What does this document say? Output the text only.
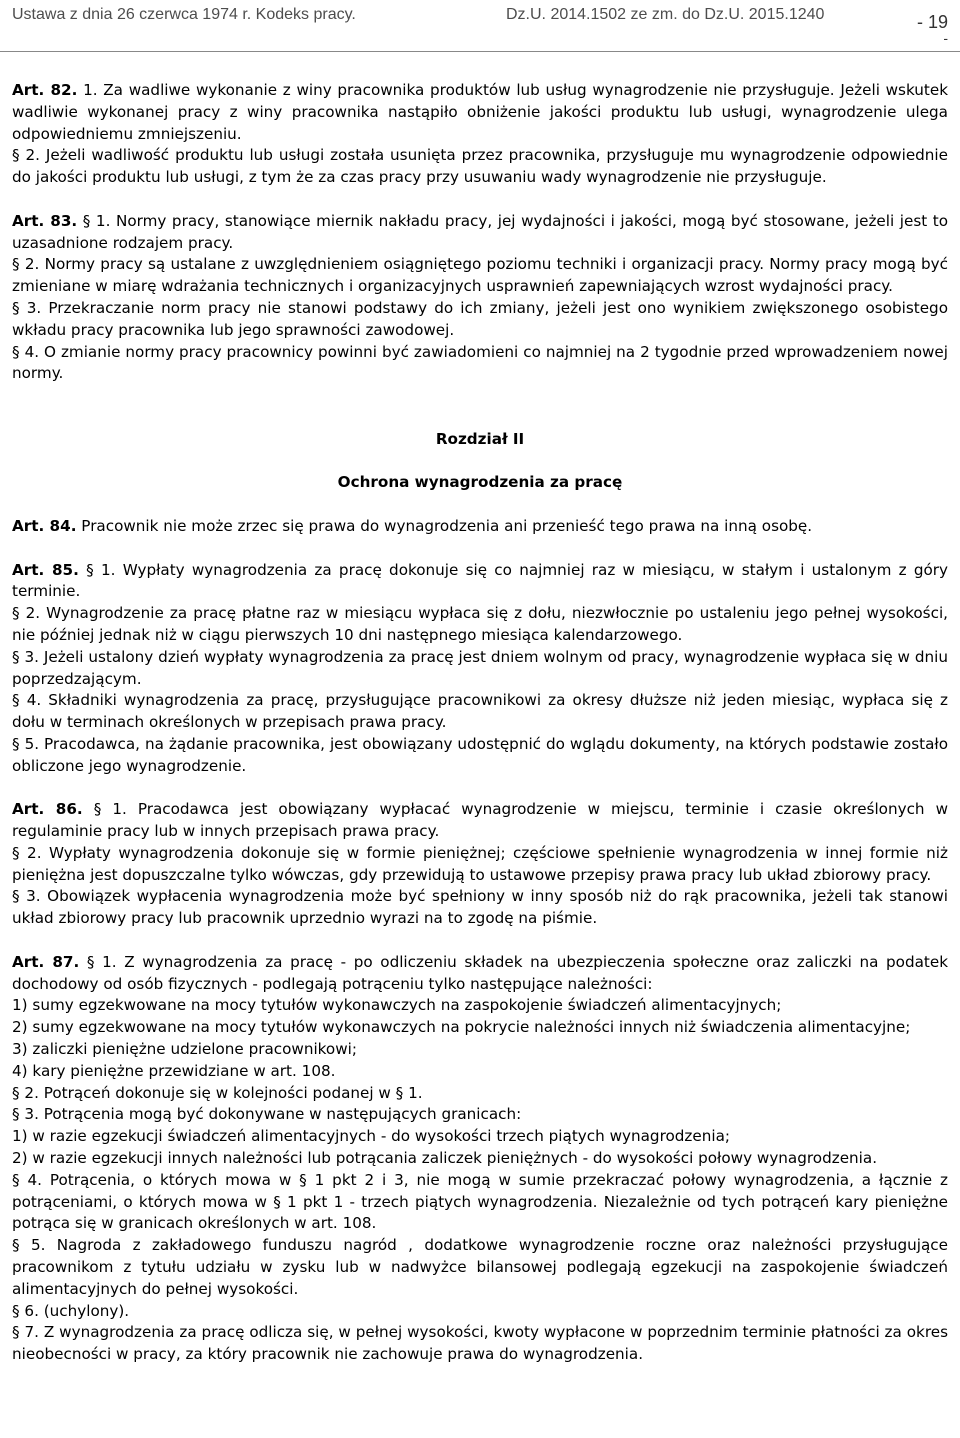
Ustawa z dnia 26 czerwca 1974 r. Kodeks pracy.	Dz.U. 2014.1502 ze zm. do Dz.U. 2015.1240	- 19
-

Art. 82. 1. Za wadliwe wykonanie z winy pracownika produktów lub usług wynagrodzenie nie przysługuje. Jeżeli wskutek wadliwie wykonanej pracy z winy pracownika nastąpiło obniżenie jakości produktu lub usługi, wynagrodzenie ulega odpowiedniemu zmniejszeniu.

§ 2. Jeżeli wadliwość produktu lub usługi została usunięta przez pracownika, przysługuje mu wynagrodzenie odpowiednie do jakości produktu lub usługi, z tym że za czas pracy przy usuwaniu wady wynagrodzenie nie przysługuje.

Art. 83. § 1. Normy pracy, stanowiące miernik nakładu pracy, jej wydajności i jakości, mogą być stosowane, jeżeli jest to uzasadnione rodzajem pracy.

§ 2. Normy pracy są ustalane z uwzględnieniem osiągniętego poziomu techniki i organizacji pracy. Normy pracy mogą być zmieniane w miarę wdrażania technicznych i organizacyjnych usprawnień zapewniających wzrost wydajności pracy.

§ 3. Przekraczanie norm pracy nie stanowi podstawy do ich zmiany, jeżeli jest ono wynikiem zwiększonego osobistego wkładu pracy pracownika lub jego sprawności zawodowej.

§ 4. O zmianie normy pracy pracownicy powinni być zawiadomieni co najmniej na 2 tygodnie przed wprowadzeniem nowej normy.

Rozdział II

Ochrona wynagrodzenia za pracę

Art. 84. Pracownik nie może zrzec się prawa do wynagrodzenia ani przenieść tego prawa na inną osobę.

Art. 85. § 1. Wypłaty wynagrodzenia za pracę dokonuje się co najmniej raz w miesiącu, w stałym i ustalonym z góry terminie.

§ 2. Wynagrodzenie za pracę płatne raz w miesiącu wypłaca się z dołu, niezwłocznie po ustaleniu jego pełnej wysokości, nie później jednak niż w ciągu pierwszych 10 dni następnego miesiąca kalendarzowego.

§ 3. Jeżeli ustalony dzień wypłaty wynagrodzenia za pracę jest dniem wolnym od pracy, wynagrodzenie wypłaca się w dniu poprzedzającym.

§ 4. Składniki wynagrodzenia za pracę, przysługujące pracownikowi za okresy dłuższe niż jeden miesiąc, wypłaca się z dołu w terminach określonych w przepisach prawa pracy.

§ 5. Pracodawca, na żądanie pracownika, jest obowiązany udostępnić do wglądu dokumenty, na których podstawie zostało obliczone jego wynagrodzenie.

Art. 86. § 1. Pracodawca jest obowiązany wypłacać wynagrodzenie w miejscu, terminie i czasie określonych w regulaminie pracy lub w innych przepisach prawa pracy.

§ 2. Wypłaty wynagrodzenia dokonuje się w formie pieniężnej; częściowe spełnienie wynagrodzenia w innej formie niż pieniężna jest dopuszczalne tylko wówczas, gdy przewidują to ustawowe przepisy prawa pracy lub układ zbiorowy pracy.

§ 3. Obowiązek wypłacenia wynagrodzenia może być spełniony w inny sposób niż do rąk pracownika, jeżeli tak stanowi układ zbiorowy pracy lub pracownik uprzednio wyrazi na to zgodę na piśmie.

Art. 87. § 1. Z wynagrodzenia za pracę - po odliczeniu składek na ubezpieczenia społeczne oraz zaliczki na podatek dochodowy od osób fizycznych - podlegają potrąceniu tylko następujące należności:

1) sumy egzekwowane na mocy tytułów wykonawczych na zaspokojenie świadczeń alimentacyjnych;

2) sumy egzekwowane na mocy tytułów wykonawczych na pokrycie należności innych niż świadczenia alimentacyjne;

3) zaliczki pieniężne udzielone pracownikowi;

4) kary pieniężne przewidziane w art. 108.

§ 2. Potrąceń dokonuje się w kolejności podanej w § 1.

§ 3. Potrącenia mogą być dokonywane w następujących granicach:

1) w razie egzekucji świadczeń alimentacyjnych - do wysokości trzech piątych wynagrodzenia;

2) w razie egzekucji innych należności lub potrącania zaliczek pieniężnych - do wysokości połowy wynagrodzenia.

§ 4. Potrącenia, o których mowa w § 1 pkt 2 i 3, nie mogą w sumie przekraczać połowy wynagrodzenia, a łącznie z potrąceniami, o których mowa w § 1 pkt 1 - trzech piątych wynagrodzenia. Niezależnie od tych potrąceń kary pieniężne potrąca się w granicach określonych w art. 108.

§ 5. Nagroda z zakładowego funduszu nagród , dodatkowe wynagrodzenie roczne oraz należności przysługujące pracownikom z tytułu udziału w zysku lub w nadwyżce bilansowej podlegają egzekucji na zaspokojenie świadczeń alimentacyjnych do pełnej wysokości.

§ 6. (uchylony).

§ 7. Z wynagrodzenia za pracę odlicza się, w pełnej wysokości, kwoty wypłacone w poprzednim terminie płatności za okres nieobecności w pracy, za który pracownik nie zachowuje prawa do wynagrodzenia.
